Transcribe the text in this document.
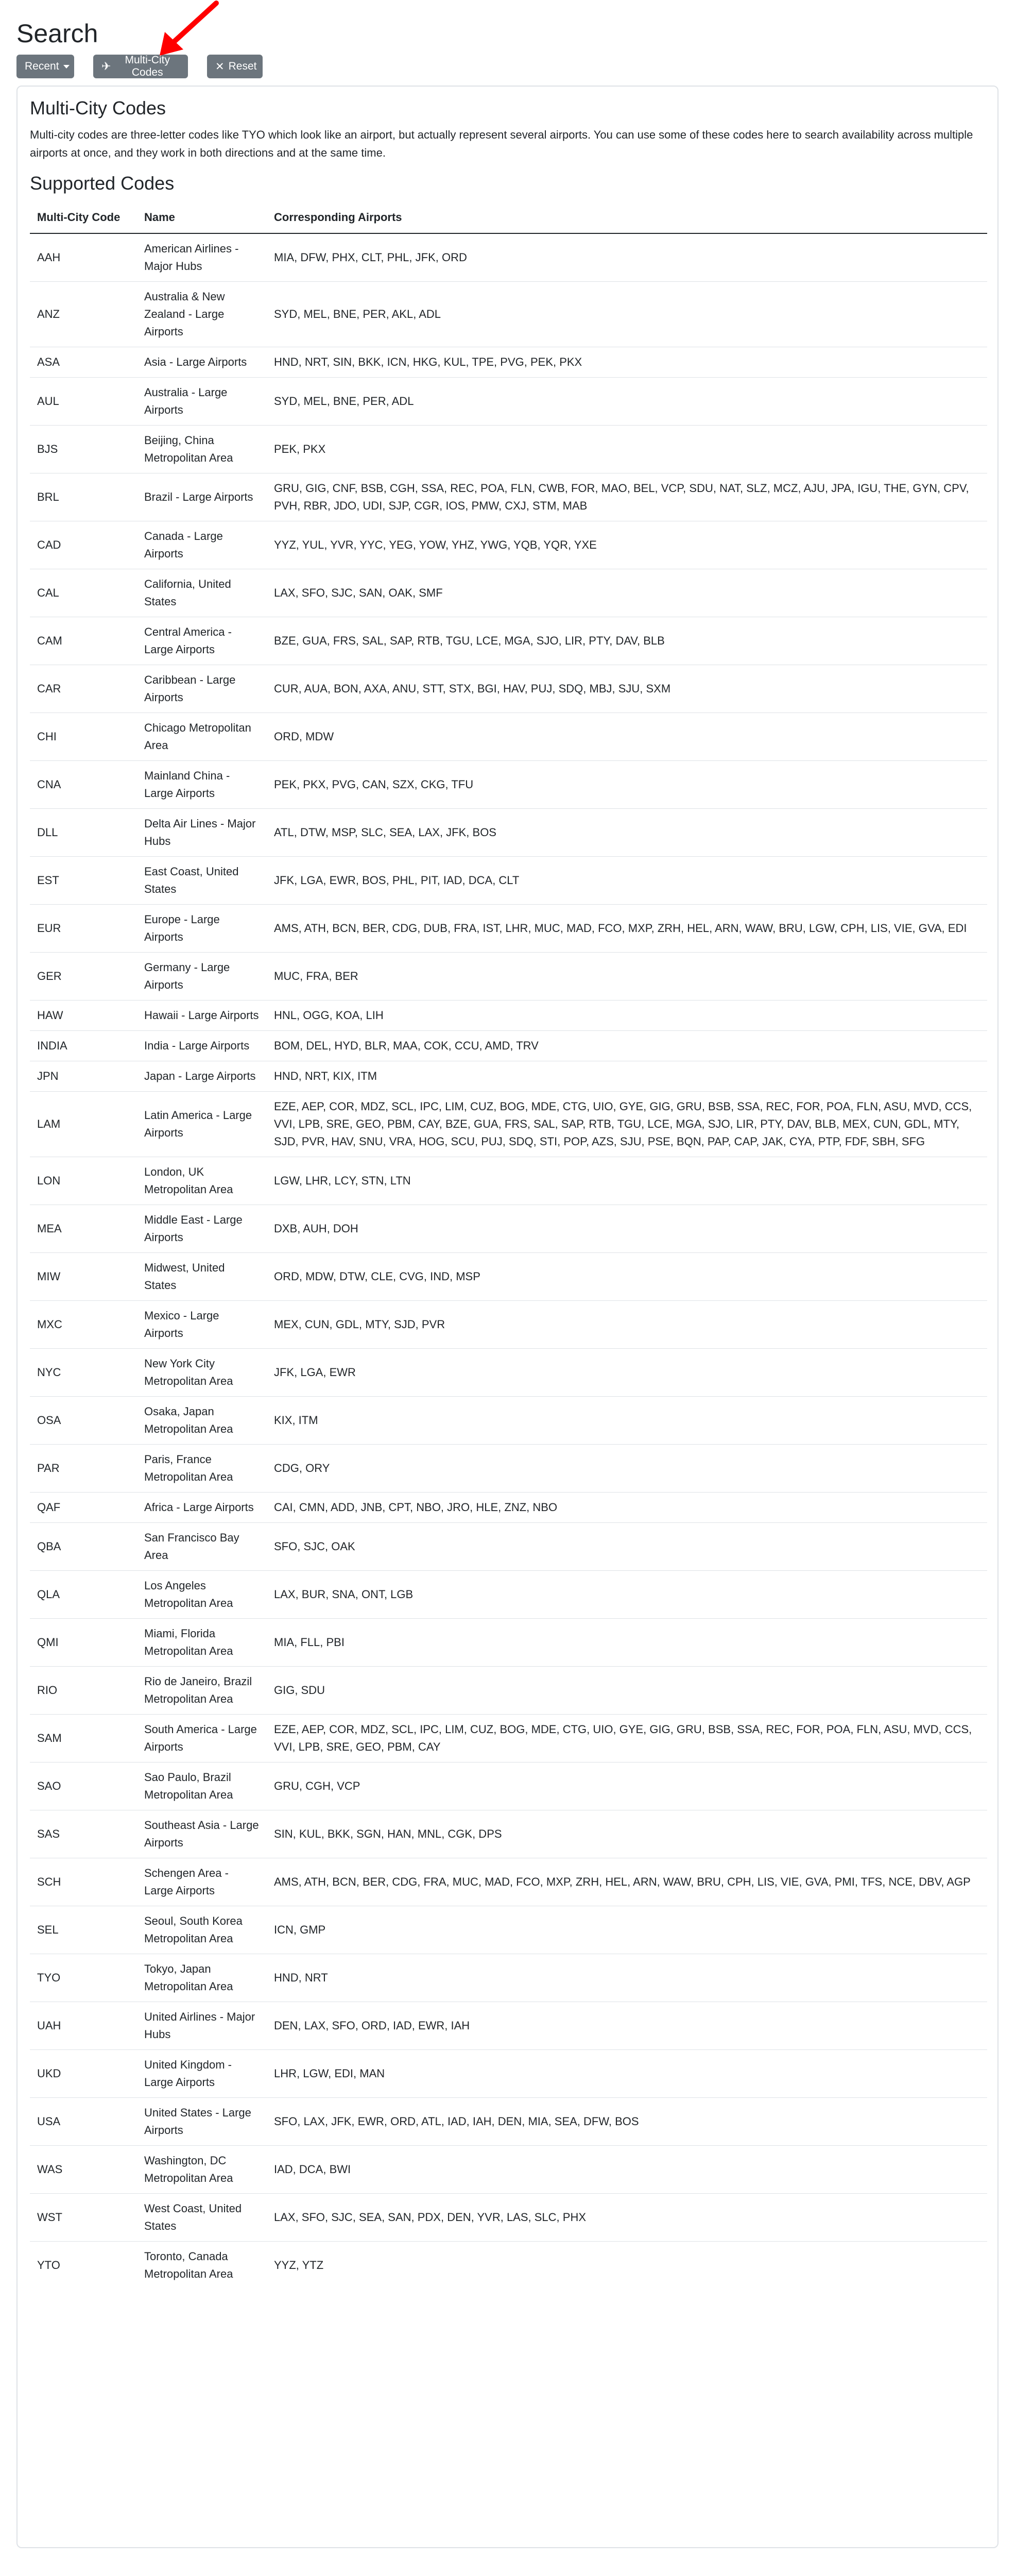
Search
Recent	✈	Multi-City Codes	✕ Reset
Multi-City Codes

Multi-city codes are three-letter codes like TYO which look like an airport, but actually represent several airports. You can use some of these codes here to search availability across multiple airports at once, and they work in both directions and at the same time.

Supported Codes
Multi-City Code	Name	Corresponding Airports
AAH	American Airlines - Major Hubs	MIA, DFW, PHX, CLT, PHL, JFK, ORD
ANZ	Australia & New Zealand - Large Airports	SYD, MEL, BNE, PER, AKL, ADL
ASA	Asia - Large Airports	HND, NRT, SIN, BKK, ICN, HKG, KUL, TPE, PVG, PEK, PKX
AUL	Australia - Large Airports	SYD, MEL, BNE, PER, ADL
BJS	Beijing, China Metropolitan Area	PEK, PKX
BRL	Brazil - Large Airports	GRU, GIG, CNF, BSB, CGH, SSA, REC, POA, FLN, CWB, FOR, MAO, BEL, VCP, SDU, NAT, SLZ, MCZ, AJU, JPA, IGU, THE, GYN, CPV, PVH, RBR, JDO, UDI, SJP, CGR, IOS, PMW, CXJ, STM, MAB
CAD	Canada - Large Airports	YYZ, YUL, YVR, YYC, YEG, YOW, YHZ, YWG, YQB, YQR, YXE
CAL	California, United States	LAX, SFO, SJC, SAN, OAK, SMF
CAM	Central America - Large Airports	BZE, GUA, FRS, SAL, SAP, RTB, TGU, LCE, MGA, SJO, LIR, PTY, DAV, BLB
CAR	Caribbean - Large Airports	CUR, AUA, BON, AXA, ANU, STT, STX, BGI, HAV, PUJ, SDQ, MBJ, SJU, SXM
CHI	Chicago Metropolitan Area	ORD, MDW
CNA	Mainland China - Large Airports	PEK, PKX, PVG, CAN, SZX, CKG, TFU
DLL	Delta Air Lines - Major Hubs	ATL, DTW, MSP, SLC, SEA, LAX, JFK, BOS
EST	East Coast, United States	JFK, LGA, EWR, BOS, PHL, PIT, IAD, DCA, CLT
EUR	Europe - Large Airports	AMS, ATH, BCN, BER, CDG, DUB, FRA, IST, LHR, MUC, MAD, FCO, MXP, ZRH, HEL, ARN, WAW, BRU, LGW, CPH, LIS, VIE, GVA, EDI
GER	Germany - Large Airports	MUC, FRA, BER
HAW	Hawaii - Large Airports	HNL, OGG, KOA, LIH
INDIA	India - Large Airports	BOM, DEL, HYD, BLR, MAA, COK, CCU, AMD, TRV
JPN	Japan - Large Airports	HND, NRT, KIX, ITM
LAM	Latin America - Large Airports	EZE, AEP, COR, MDZ, SCL, IPC, LIM, CUZ, BOG, MDE, CTG, UIO, GYE, GIG, GRU, BSB, SSA, REC, FOR, POA, FLN, ASU, MVD, CCS, VVI, LPB, SRE, GEO, PBM, CAY, BZE, GUA, FRS, SAL, SAP, RTB, TGU, LCE, MGA, SJO, LIR, PTY, DAV, BLB, MEX, CUN, GDL, MTY, SJD, PVR, HAV, SNU, VRA, HOG, SCU, PUJ, SDQ, STI, POP, AZS, SJU, PSE, BQN, PAP, CAP, JAK, CYA, PTP, FDF, SBH, SFG
LON	London, UK Metropolitan Area	LGW, LHR, LCY, STN, LTN
MEA	Middle East - Large Airports	DXB, AUH, DOH
MIW	Midwest, United States	ORD, MDW, DTW, CLE, CVG, IND, MSP
MXC	Mexico - Large Airports	MEX, CUN, GDL, MTY, SJD, PVR
NYC	New York City Metropolitan Area	JFK, LGA, EWR
OSA	Osaka, Japan Metropolitan Area	KIX, ITM
PAR	Paris, France Metropolitan Area	CDG, ORY
QAF	Africa - Large Airports	CAI, CMN, ADD, JNB, CPT, NBO, JRO, HLE, ZNZ, NBO
QBA	San Francisco Bay Area	SFO, SJC, OAK
QLA	Los Angeles Metropolitan Area	LAX, BUR, SNA, ONT, LGB
QMI	Miami, Florida Metropolitan Area	MIA, FLL, PBI
RIO	Rio de Janeiro, Brazil Metropolitan Area	GIG, SDU
SAM	South America - Large Airports	EZE, AEP, COR, MDZ, SCL, IPC, LIM, CUZ, BOG, MDE, CTG, UIO, GYE, GIG, GRU, BSB, SSA, REC, FOR, POA, FLN, ASU, MVD, CCS, VVI, LPB, SRE, GEO, PBM, CAY
SAO	Sao Paulo, Brazil Metropolitan Area	GRU, CGH, VCP
SAS	Southeast Asia - Large Airports	SIN, KUL, BKK, SGN, HAN, MNL, CGK, DPS
SCH	Schengen Area - Large Airports	AMS, ATH, BCN, BER, CDG, FRA, MUC, MAD, FCO, MXP, ZRH, HEL, ARN, WAW, BRU, CPH, LIS, VIE, GVA, PMI, TFS, NCE, DBV, AGP
SEL	Seoul, South Korea Metropolitan Area	ICN, GMP
TYO	Tokyo, Japan Metropolitan Area	HND, NRT
UAH	United Airlines - Major Hubs	DEN, LAX, SFO, ORD, IAD, EWR, IAH
UKD	United Kingdom - Large Airports	LHR, LGW, EDI, MAN
USA	United States - Large Airports	SFO, LAX, JFK, EWR, ORD, ATL, IAD, IAH, DEN, MIA, SEA, DFW, BOS
WAS	Washington, DC Metropolitan Area	IAD, DCA, BWI
WST	West Coast, United States	LAX, SFO, SJC, SEA, SAN, PDX, DEN, YVR, LAS, SLC, PHX
YTO	Toronto, Canada Metropolitan Area	YYZ, YTZ
